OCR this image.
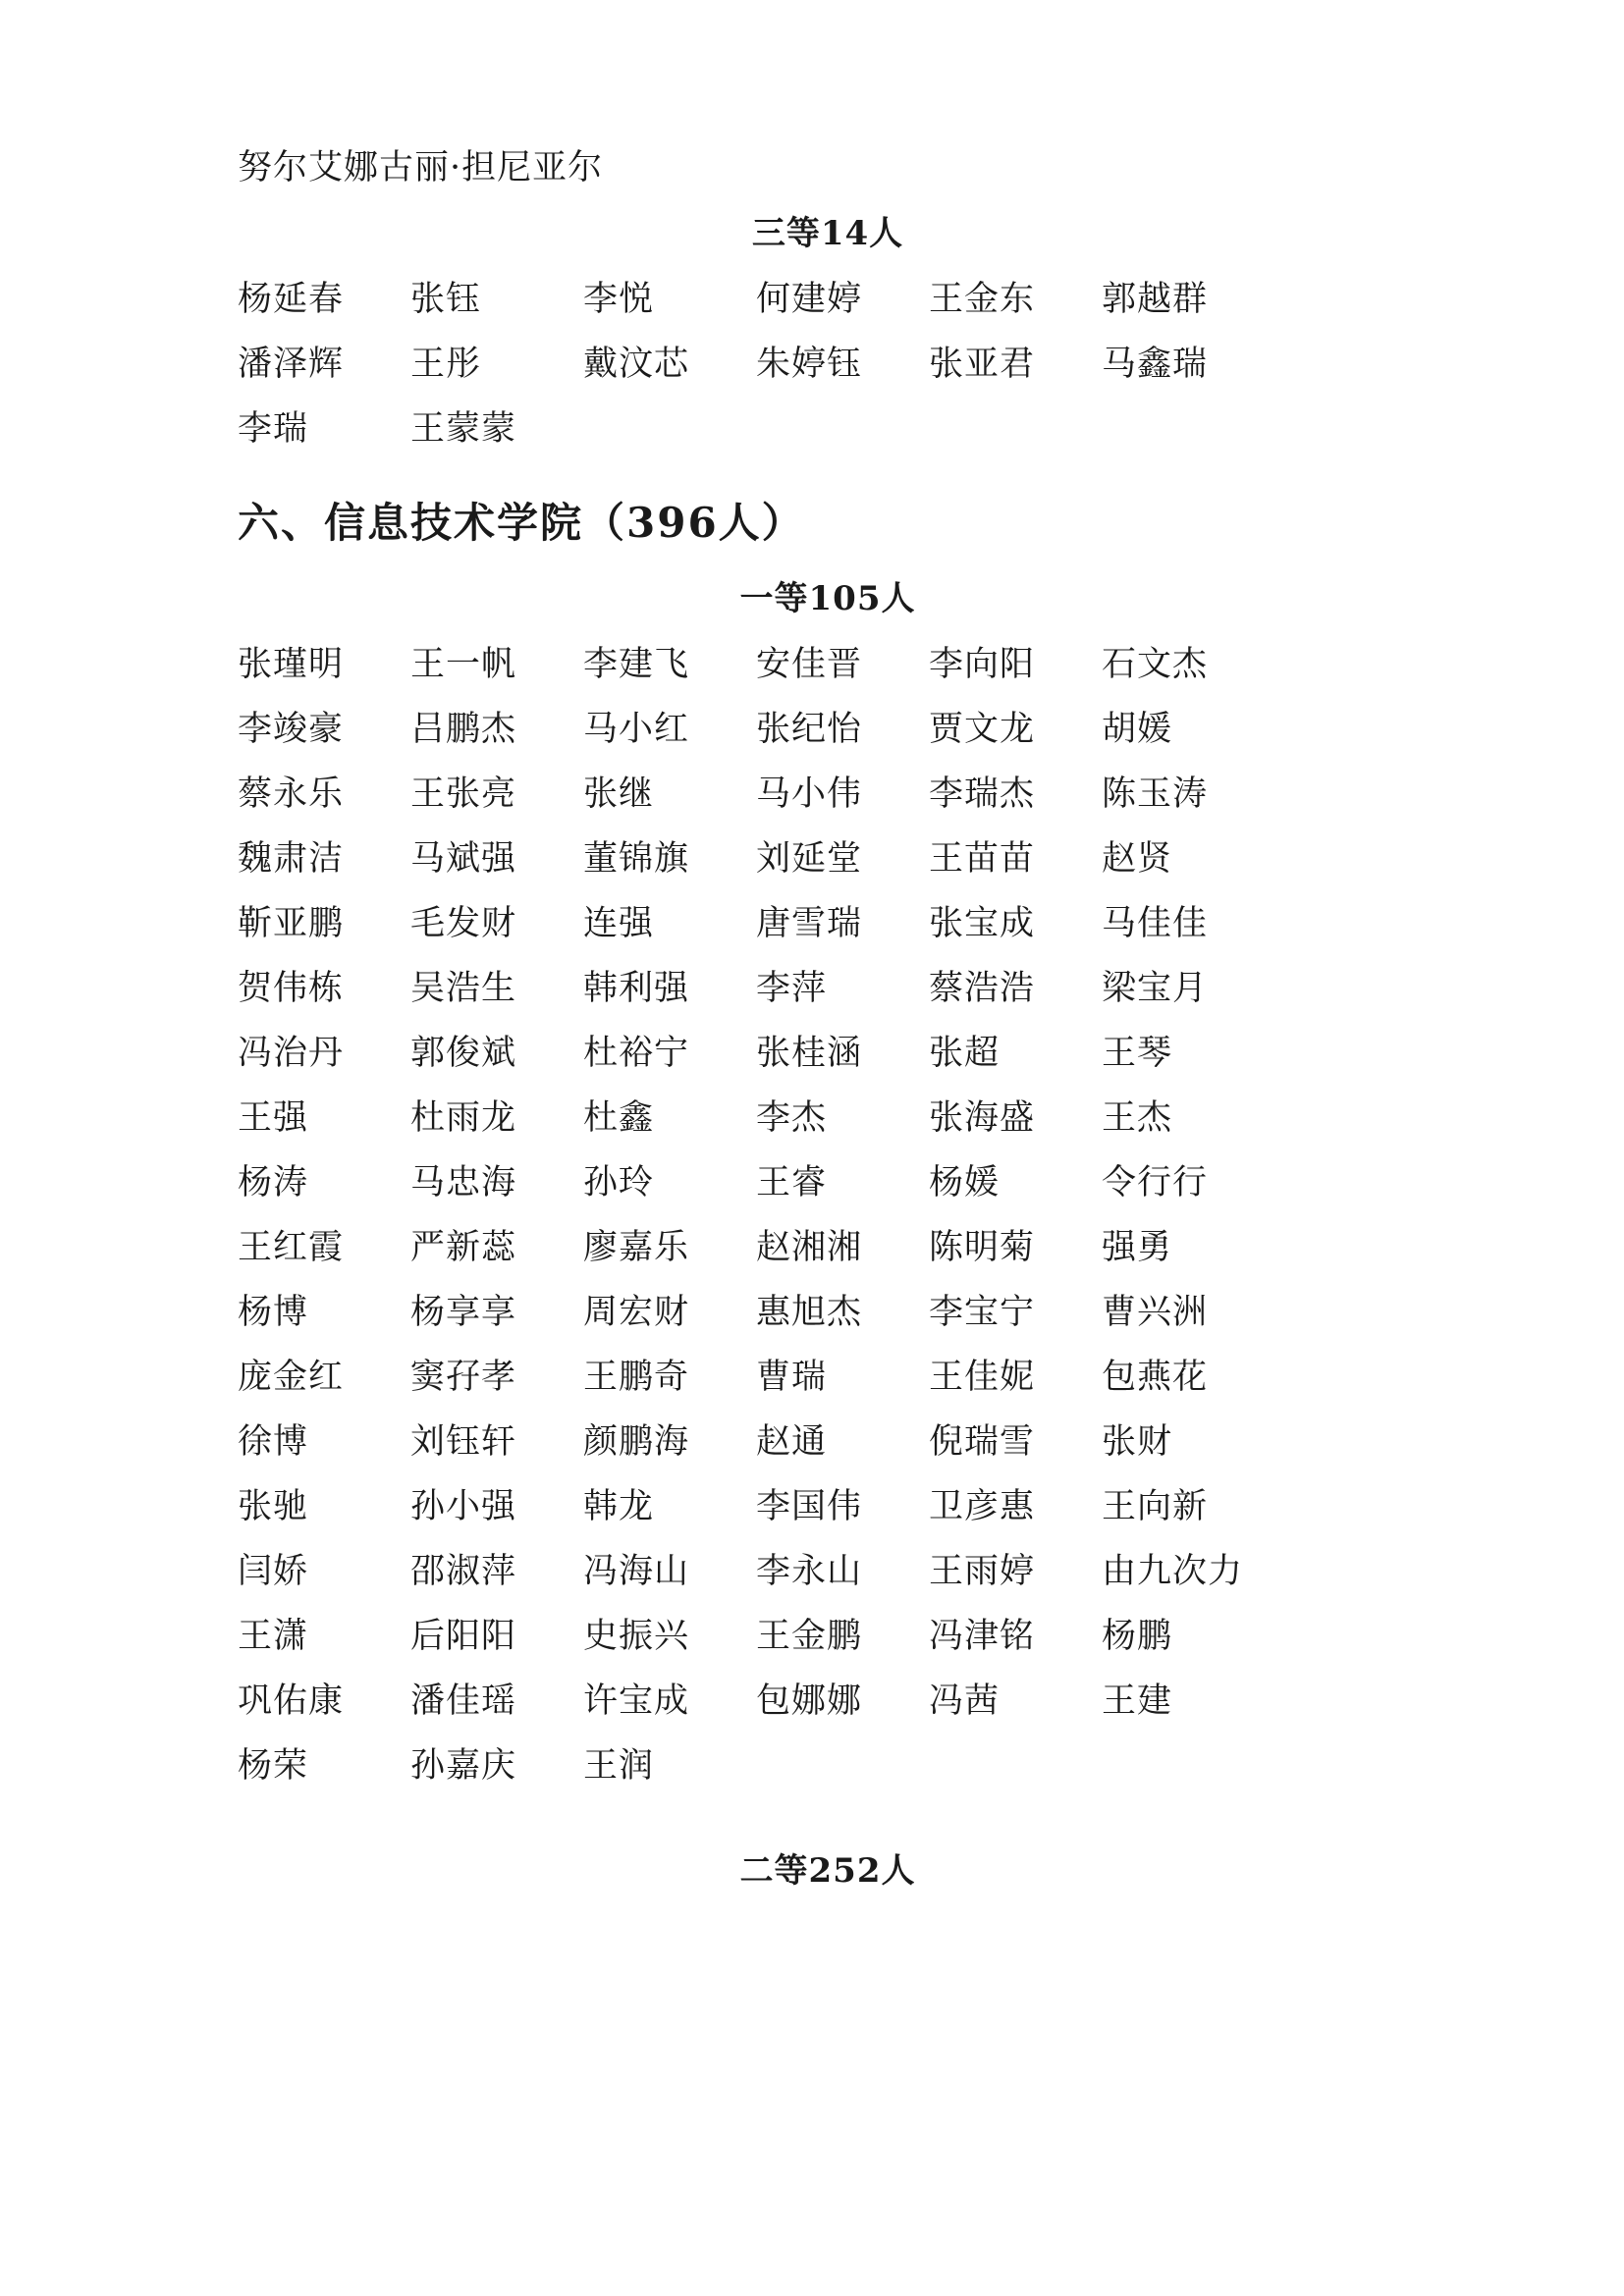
努尔艾娜古丽·担尼亚尔
三等14人
杨延春	张钰	李悦	何建婷	王金东	郭越群
潘泽辉	王彤	戴汶芯	朱婷钰	张亚君	马鑫瑞
李瑞	王蒙蒙
六、信息技术学院（396人）
一等105人
张瑾明	王一帆	李建飞	安佳晋	李向阳	石文杰
李竣豪	吕鹏杰	马小红	张纪怡	贾文龙	胡媛
蔡永乐	王张亮	张继	马小伟	李瑞杰	陈玉涛
魏肃洁	马斌强	董锦旗	刘延堂	王苗苗	赵贤
靳亚鹏	毛发财	连强	唐雪瑞	张宝成	马佳佳
贺伟栋	吴浩生	韩利强	李萍	蔡浩浩	梁宝月
冯治丹	郭俊斌	杜裕宁	张桂涵	张超	王琴
王强	杜雨龙	杜鑫	李杰	张海盛	王杰
杨涛	马忠海	孙玲	王睿	杨媛	令行行
王红霞	严新蕊	廖嘉乐	赵湘湘	陈明菊	强勇
杨博	杨享享	周宏财	惠旭杰	李宝宁	曹兴洲
庞金红	窦孖孝	王鹏奇	曹瑞	王佳妮	包燕花
徐博	刘钰轩	颜鹏海	赵通	倪瑞雪	张财
张驰	孙小强	韩龙	李国伟	卫彦惠	王向新
闫娇	邵淑萍	冯海山	李永山	王雨婷	由九次力
王潇	后阳阳	史振兴	王金鹏	冯津铭	杨鹏
巩佑康	潘佳瑶	许宝成	包娜娜	冯茜	王建
杨荣	孙嘉庆	王润
二等252人
